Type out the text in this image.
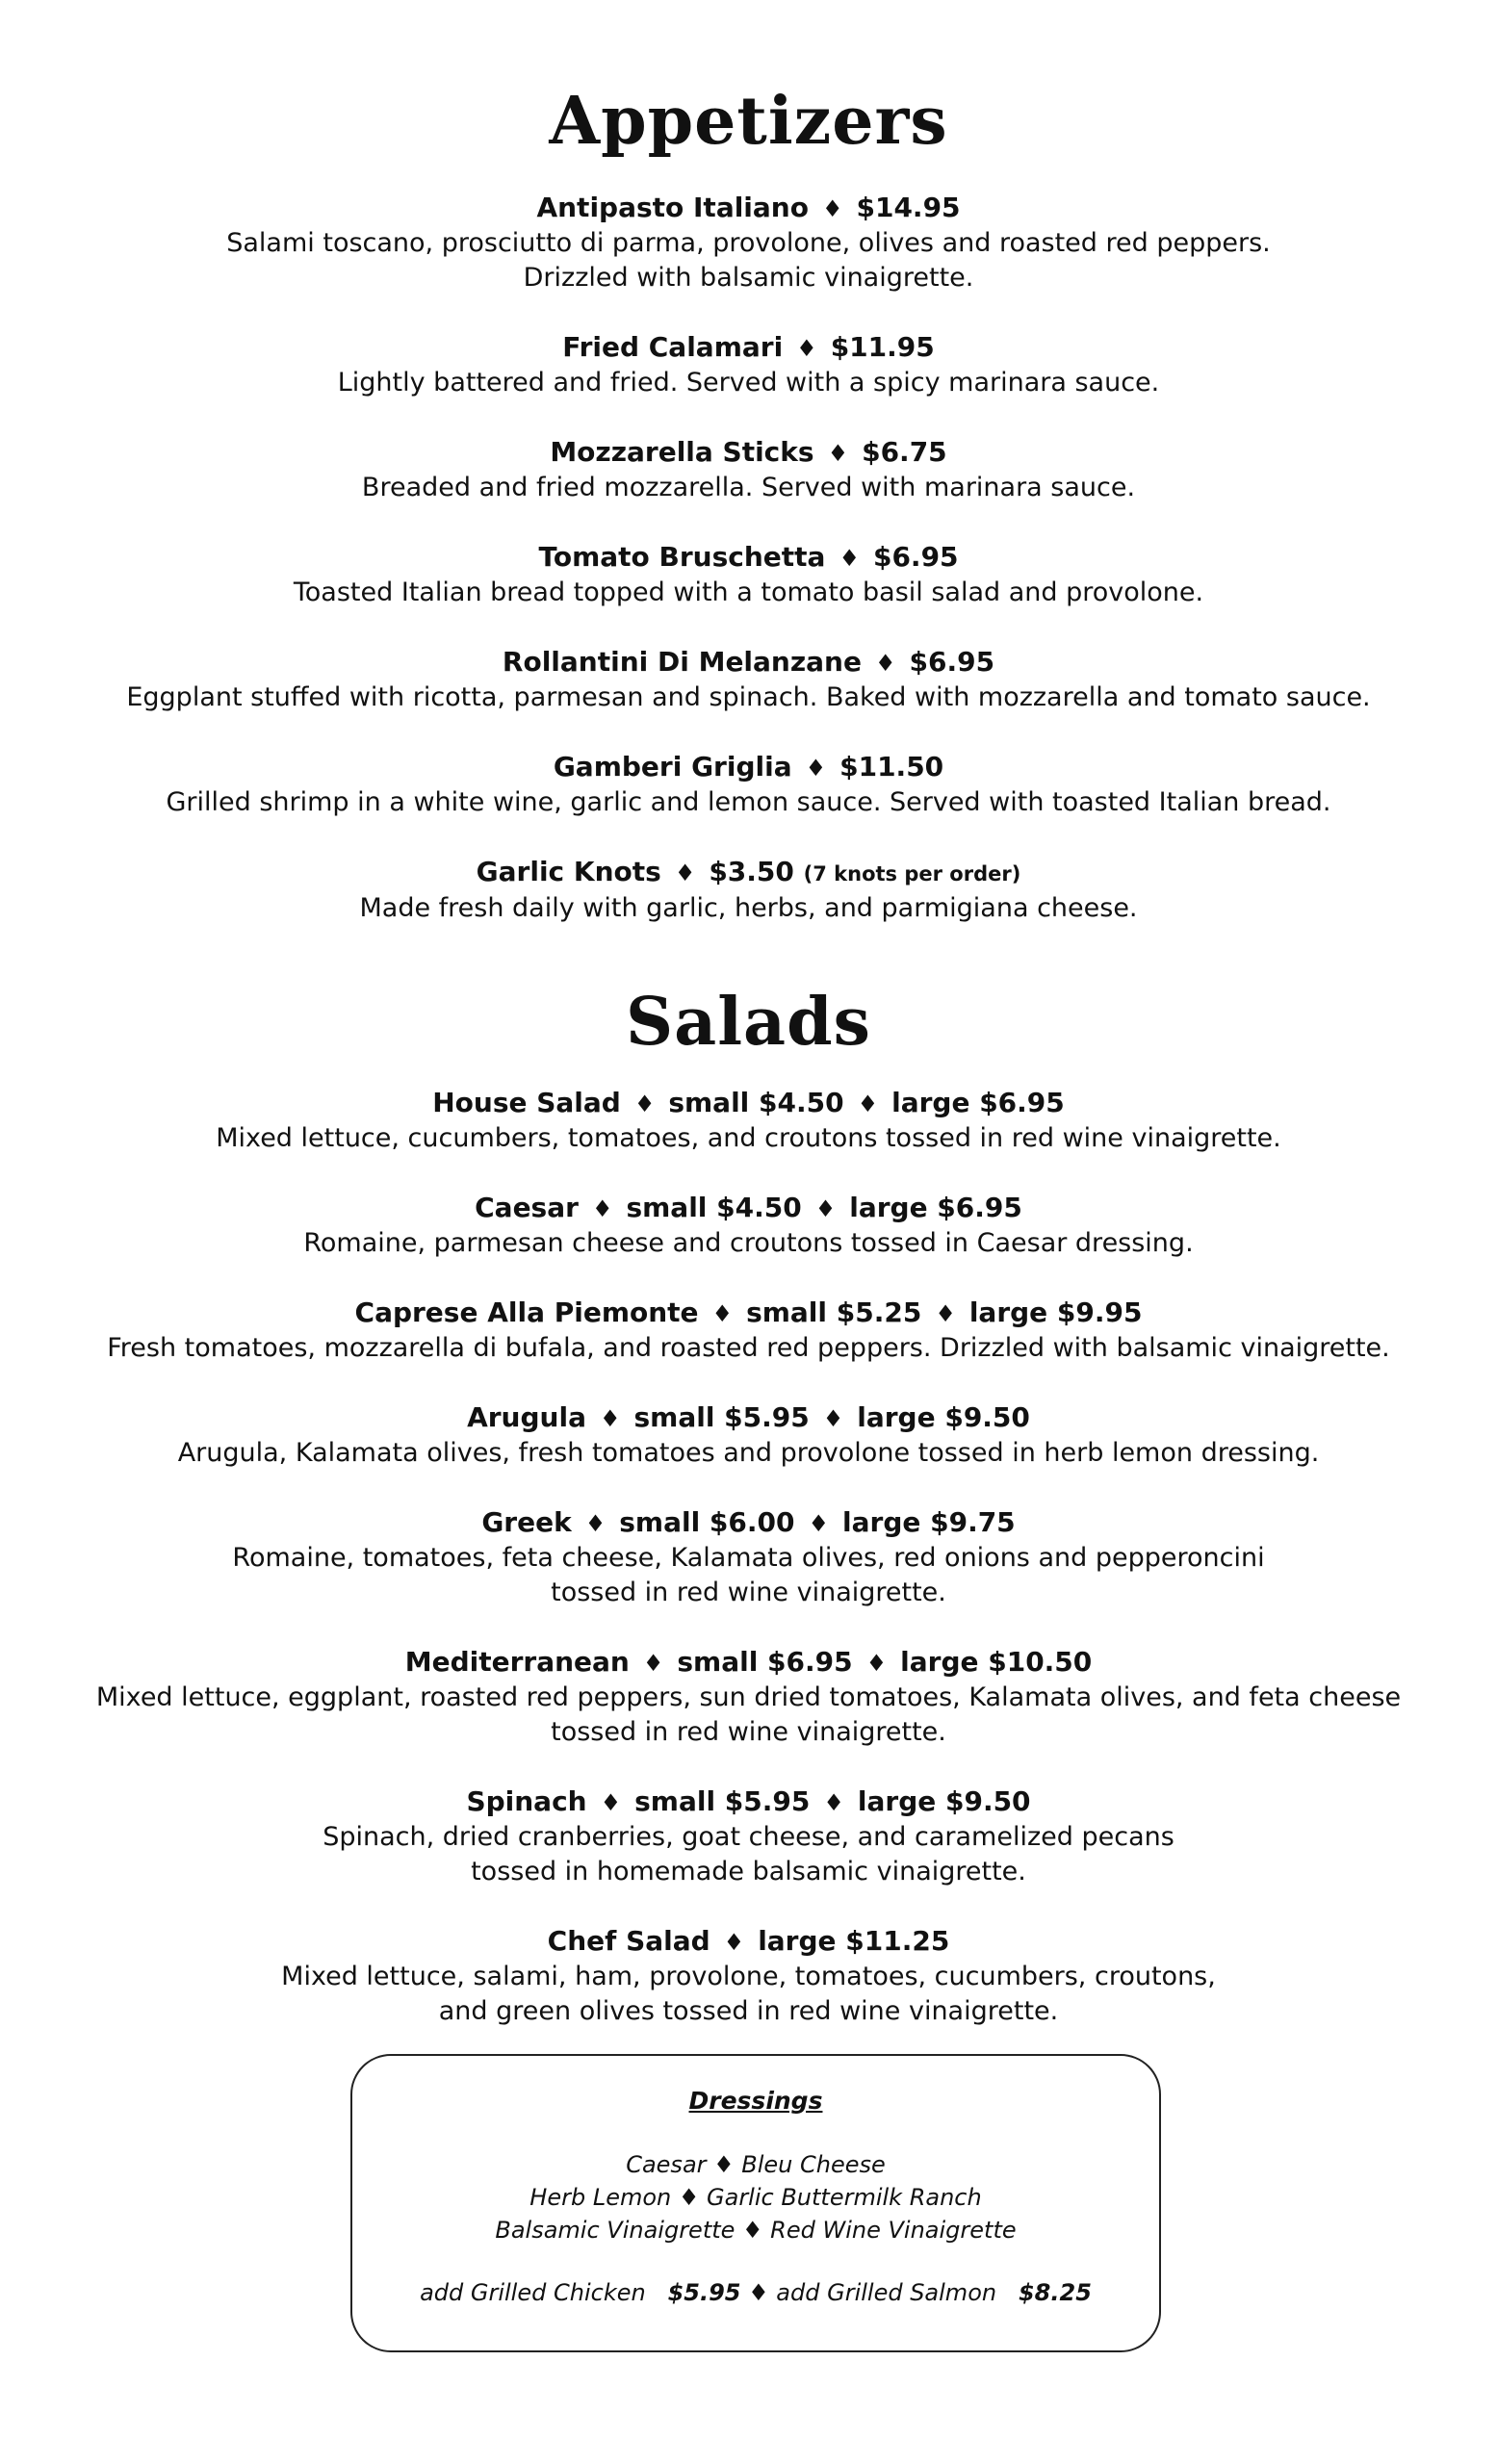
Appetizers
Antipasto Italiano ♦ $14.95
Salami toscano, prosciutto di parma, provolone, olives and roasted red peppers.
Drizzled with balsamic vinaigrette.
Fried Calamari ♦ $11.95
Lightly battered and fried. Served with a spicy marinara sauce.
Mozzarella Sticks ♦ $6.75
Breaded and fried mozzarella. Served with marinara sauce.
Tomato Bruschetta ♦ $6.95
Toasted Italian bread topped with a tomato basil salad and provolone.
Rollantini Di Melanzane ♦ $6.95
Eggplant stuffed with ricotta, parmesan and spinach. Baked with mozzarella and tomato sauce.
Gamberi Griglia ♦ $11.50
Grilled shrimp in a white wine, garlic and lemon sauce. Served with toasted Italian bread.
Garlic Knots ♦ $3.50 (7 knots per order)
Made fresh daily with garlic, herbs, and parmigiana cheese.
Salads
House Salad ♦ small $4.50 ♦ large $6.95
Mixed lettuce, cucumbers, tomatoes, and croutons tossed in red wine vinaigrette.
Caesar ♦ small $4.50 ♦ large $6.95
Romaine, parmesan cheese and croutons tossed in Caesar dressing.
Caprese Alla Piemonte ♦ small $5.25 ♦ large $9.95
Fresh tomatoes, mozzarella di bufala, and roasted red peppers. Drizzled with balsamic vinaigrette.
Arugula ♦ small $5.95 ♦ large $9.50
Arugula, Kalamata olives, fresh tomatoes and provolone tossed in herb lemon dressing.
Greek ♦ small $6.00 ♦ large $9.75
Romaine, tomatoes, feta cheese, Kalamata olives, red onions and pepperoncini
tossed in red wine vinaigrette.
Mediterranean ♦ small $6.95 ♦ large $10.50
Mixed lettuce, eggplant, roasted red peppers, sun dried tomatoes, Kalamata olives, and feta cheese
tossed in red wine vinaigrette.
Spinach ♦ small $5.95 ♦ large $9.50
Spinach, dried cranberries, goat cheese, and caramelized pecans
tossed in homemade balsamic vinaigrette.
Chef Salad ♦ large $11.25
Mixed lettuce, salami, ham, provolone, tomatoes, cucumbers, croutons,
and green olives tossed in red wine vinaigrette.
Dressings
Caesar ♦ Bleu Cheese
Herb Lemon ♦ Garlic Buttermilk Ranch
Balsamic Vinaigrette ♦ Red Wine Vinaigrette
add Grilled Chicken $5.95 ♦ add Grilled Salmon $8.25
